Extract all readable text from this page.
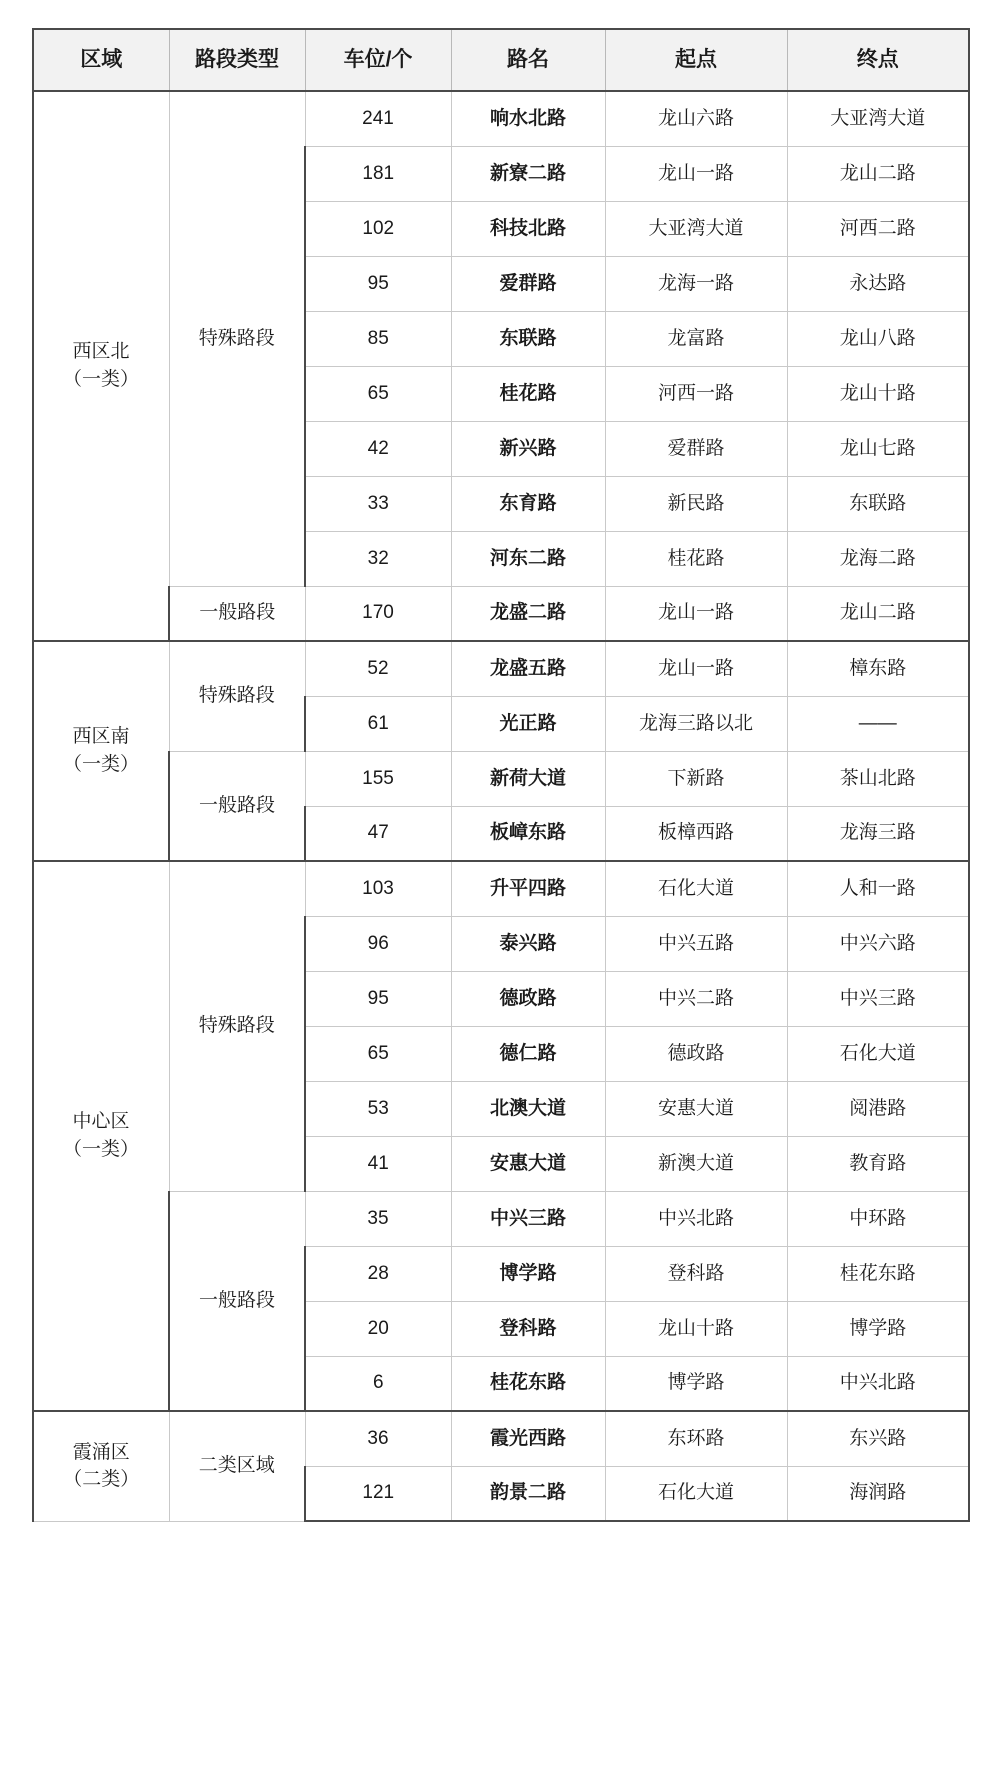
区域	路段类型	车位/个	路名	起点	终点

西区北
（一类）	特殊路段	241	响水北路	龙山六路	大亚湾大道
		181	新寮二路	龙山一路	龙山二路
		102	科技北路	大亚湾大道	河西二路
		95	爱群路	龙海一路	永达路
		85	东联路	龙富路	龙山八路
		65	桂花路	河西一路	龙山十路
		42	新兴路	爱群路	龙山七路
		33	东育路	新民路	东联路
		32	河东二路	桂花路	龙海二路
	一般路段	170	龙盛二路	龙山一路	龙山二路

西区南
（一类）	特殊路段	52	龙盛五路	龙山一路	樟东路
		61	光正路	龙海三路以北	——
	一般路段	155	新荷大道	下新路	茶山北路
		47	板嶂东路	板樟西路	龙海三路

中心区
（一类）	特殊路段	103	升平四路	石化大道	人和一路
		96	泰兴路	中兴五路	中兴六路
		95	德政路	中兴二路	中兴三路
		65	德仁路	德政路	石化大道
		53	北澳大道	安惠大道	阅港路
		41	安惠大道	新澳大道	教育路
	一般路段	35	中兴三路	中兴北路	中环路
		28	博学路	登科路	桂花东路
		20	登科路	龙山十路	博学路
		6	桂花东路	博学路	中兴北路

霞涌区
（二类）	二类区域	36	霞光西路	东环路	东兴路
		121	韵景二路	石化大道	海润路
